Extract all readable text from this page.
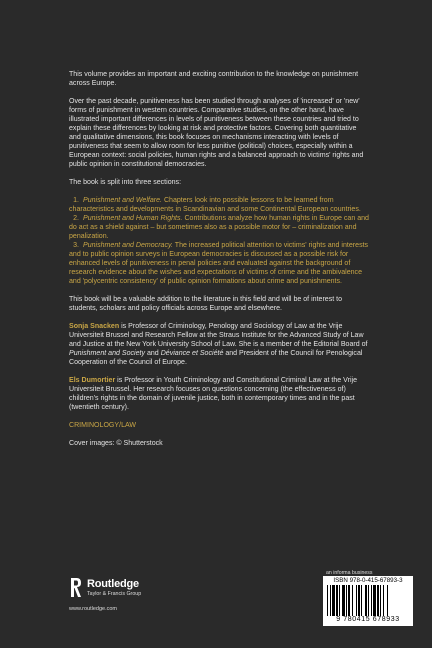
This volume provides an important and exciting contribution to the knowledge on punishment across Europe.

Over the past decade, punitiveness has been studied through analyses of 'increased' or 'new' forms of punishment in western countries. Comparative studies, on the other hand, have illustrated important differences in levels of punitiveness between these countries and tried to explain these differences by looking at risk and protective factors. Covering both quantitative and qualitative dimensions, this book focuses on mechanisms interacting with levels of punitiveness that seem to allow room for less punitive (political) choices, especially within a European context: social policies, human rights and a balanced approach to victims' rights and public opinion in constitutional democracies.

The book is split into three sections:

1. Punishment and Welfare. Chapters look into possible lessons to be learned from characteristics and developments in Scandinavian and some Continental European countries.
2. Punishment and Human Rights. Contributions analyze how human rights in Europe can and do act as a shield against – but sometimes also as a possible motor for – criminalization and penalization.
3. Punishment and Democracy. The increased political attention to victims' rights and interests and to public opinion surveys in European democracies is discussed as a possible risk for enhanced levels of punitiveness in penal policies and evaluated against the background of research evidence about the wishes and expectations of victims of crime and the ambivalence and 'polycentric consistency' of public opinion formations about crime and punishments.

This book will be a valuable addition to the literature in this field and will be of interest to students, scholars and policy officials across Europe and elsewhere.

Sonja Snacken is Professor of Criminology, Penology and Sociology of Law at the Vrije Universiteit Brussel and Research Fellow at the Straus Institute for the Advanced Study of Law and Justice at the New York University School of Law. She is a member of the Editorial Board of Punishment and Society and Déviance et Société and President of the Council for Penological Cooperation of the Council of Europe.

Els Dumortier is Professor in Youth Criminology and Constitutional Criminal Law at the Vrije Universiteit Brussel. Her research focuses on questions concerning (the effectiveness of) children's rights in the domain of juvenile justice, both in contemporary times and in the past (twentieth century).

CRIMINOLOGY/LAW
Cover images: © Shutterstock
Routledge
Taylor & Francis Group
www.routledge.com
an informa business
ISBN 978-0-415-67893-3
9 780415 678933
